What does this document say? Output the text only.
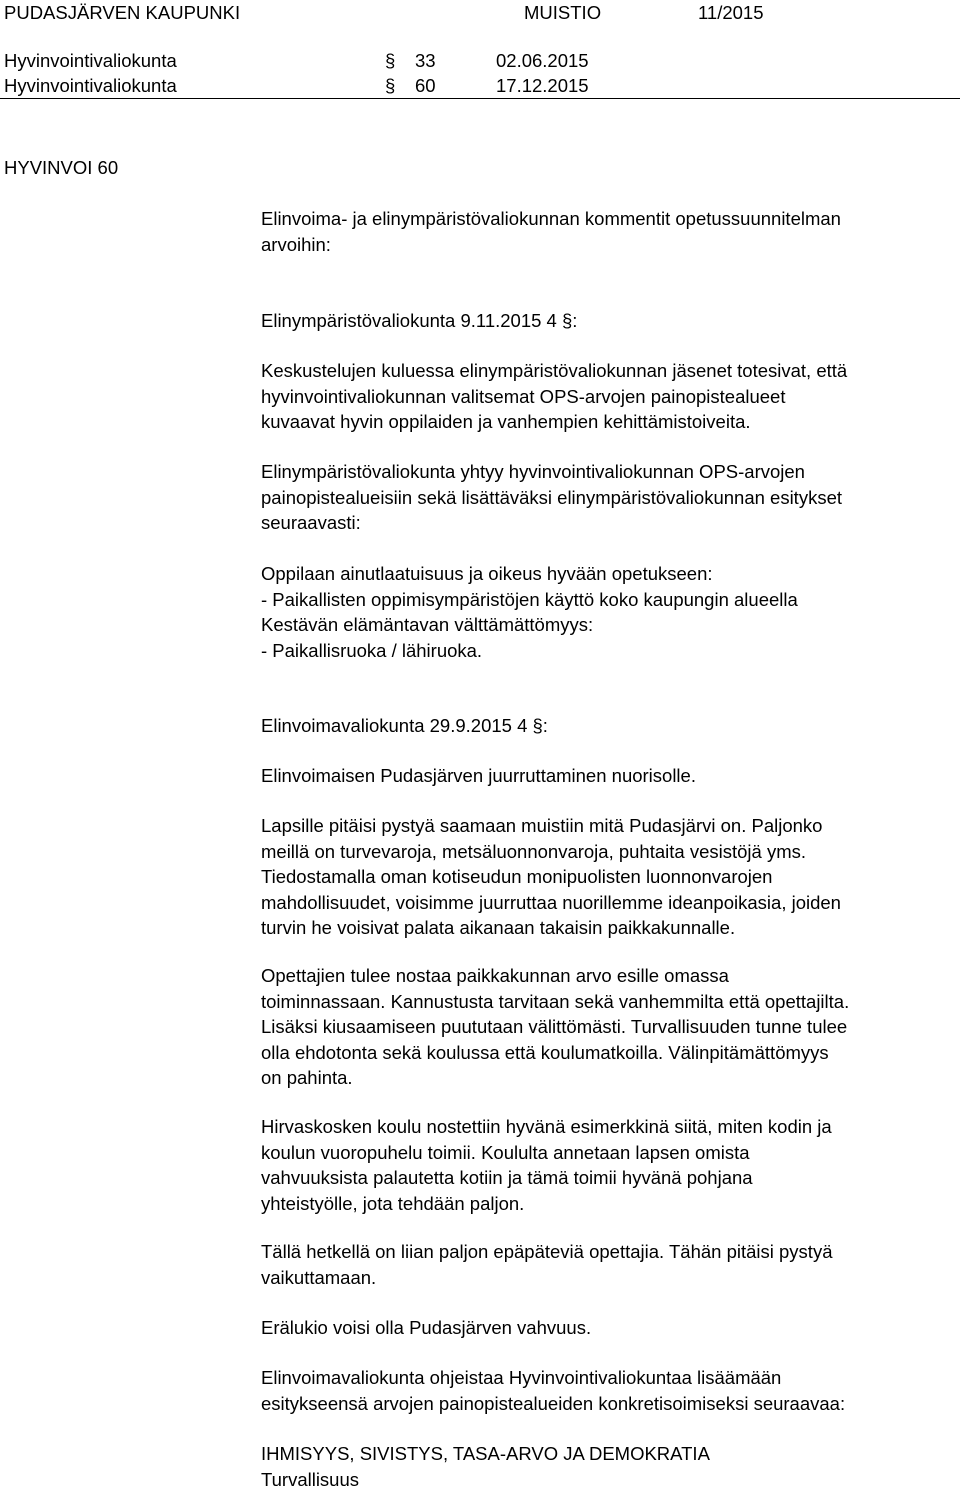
PUDASJÄRVEN KAUPUNKI	MUISTIO	11/2015
Hyvinvointivaliokunta	§ 33	02.06.2015
Hyvinvointivaliokunta	§ 60	17.12.2015
HYVINVOI 60
Elinvoima- ja elinympäristövaliokunnan kommentit opetussuunnitelman
arvoihin:
Elinympäristövaliokunta 9.11.2015 4 §:
Keskustelujen kuluessa elinympäristövaliokunnan jäsenet totesivat, että
hyvinvointivaliokunnan valitsemat OPS-arvojen painopistealueet
kuvaavat hyvin oppilaiden ja vanhempien kehittämistoiveita.
Elinympäristövaliokunta yhtyy hyvinvointivaliokunnan OPS-arvojen
painopistealueisiin sekä lisättäväksi elinympäristövaliokunnan esitykset
seuraavasti:
Oppilaan ainutlaatuisuus ja oikeus hyvään opetukseen:
- Paikallisten oppimisympäristöjen käyttö koko kaupungin alueella
Kestävän elämäntavan välttämättömyys:
- Paikallisruoka / lähiruoka.
Elinvoimavaliokunta 29.9.2015 4 §:
Elinvoimaisen Pudasjärven juurruttaminen nuorisolle.
Lapsille pitäisi pystyä saamaan muistiin mitä Pudasjärvi on. Paljonko
meillä on turvevaroja, metsäluonnonvaroja, puhtaita vesistöjä yms.
Tiedostamalla oman kotiseudun monipuolisten luonnonvarojen
mahdollisuudet, voisimme juurruttaa nuorillemme ideanpoikasia, joiden
turvin he voisivat palata aikanaan takaisin paikkakunnalle.
Opettajien tulee nostaa paikkakunnan arvo esille omassa
toiminnassaan. Kannustusta tarvitaan sekä vanhemmilta että opettajilta.
Lisäksi kiusaamiseen puututaan välittömästi. Turvallisuuden tunne tulee
olla ehdotonta sekä koulussa että koulumatkoilla. Välinpitämättömyys
on pahinta.
Hirvaskosken koulu nostettiin hyvänä esimerkkinä siitä, miten kodin ja
koulun vuoropuhelu toimii. Koululta annetaan lapsen omista
vahvuuksista palautetta kotiin ja tämä toimii hyvänä pohjana
yhteistyölle, jota tehdään paljon.
Tällä hetkellä on liian paljon epäpäteviä opettajia. Tähän pitäisi pystyä
vaikuttamaan.
Erälukio voisi olla Pudasjärven vahvuus.
Elinvoimavaliokunta ohjeistaa Hyvinvointivaliokuntaa lisäämään
esitykseensä arvojen painopistealueiden konkretisoimiseksi seuraavaa:
IHMISYYS, SIVISTYS, TASA-ARVO JA DEMOKRATIA
Turvallisuus
